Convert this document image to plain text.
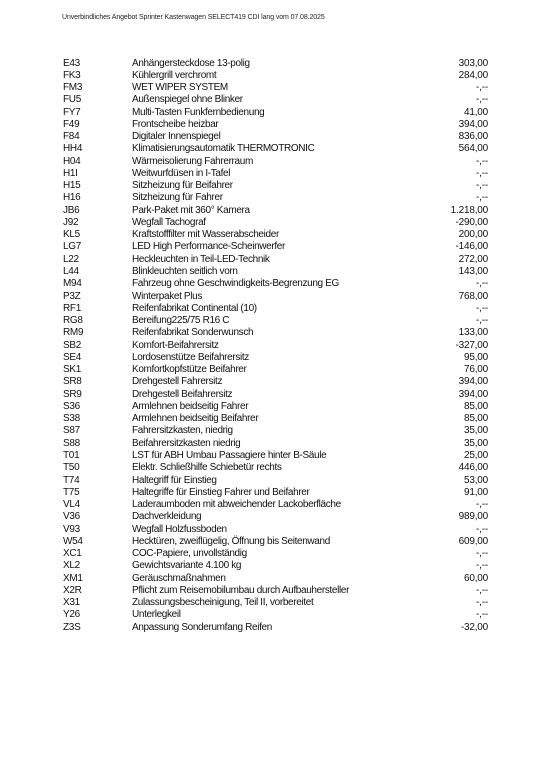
Unverbindliches Angebot Sprinter Kastenwagen SELECT419 CDI lang vom 07.08.2025
E43	Anhängersteckdose 13-polig	303,00
FK3	Kühlergrill verchromt	284,00
FM3	WET WIPER SYSTEM	-,--
FU5	Außenspiegel ohne Blinker	-,--
FY7	Multi-Tasten Funkfernbedienung	41,00
F49	Frontscheibe heizbar	394,00
F84	Digitaler Innenspiegel	836,00
HH4	Klimatisierungsautomatik THERMOTRONIC	564,00
H04	Wärmeisolierung Fahrerraum	-,--
H1I	Weitwurfdüsen in I-Tafel	-,--
H15	Sitzheizung für Beifahrer	-,--
H16	Sitzheizung für Fahrer	-,--
JB6	Park-Paket mit 360° Kamera	1.218,00
J92	Wegfall Tachograf	-290,00
KL5	Kraftstofffilter mit Wasserabscheider	200,00
LG7	LED High Performance-Scheinwerfer	-146,00
L22	Heckleuchten in Teil-LED-Technik	272,00
L44	Blinkleuchten seitlich vorn	143,00
M94	Fahrzeug ohne Geschwindigkeits-Begrenzung EG	-,--
P3Z	Winterpaket Plus	768,00
RF1	Reifenfabrikat Continental (10)	-,--
RG8	Bereifung225/75 R16 C	-,--
RM9	Reifenfabrikat Sonderwunsch	133,00
SB2	Komfort-Beifahrersitz	-327,00
SE4	Lordosenstütze Beifahrersitz	95,00
SK1	Komfortkopfstütze Beifahrer	76,00
SR8	Drehgestell Fahrersitz	394,00
SR9	Drehgestell Beifahrersitz	394,00
S36	Armlehnen beidseitig Fahrer	85,00
S38	Armlehnen beidseitig Beifahrer	85,00
S87	Fahrersitzkasten, niedrig	35,00
S88	Beifahrersitzkasten niedrig	35,00
T01	LST für ABH Umbau Passagiere hinter B-Säule	25,00
T50	Elektr. Schließhilfe Schiebetür rechts	446,00
T74	Haltegriff für Einstieg	53,00
T75	Haltegriffe für Einstieg Fahrer und Beifahrer	91,00
VL4	Laderaumboden mit abweichender Lackoberfläche	-,--
V36	Dachverkleidung	989,00
V93	Wegfall Holzfussboden	-,--
W54	Hecktüren, zweiflügelig, Öffnung bis Seitenwand	609,00
XC1	COC-Papiere, unvollständig	-,--
XL2	Gewichtsvariante 4.100 kg	-,--
XM1	Geräuschmaßnahmen	60,00
X2R	Pflicht zum Reisemobilumbau durch Aufbauhersteller	-,--
X31	Zulassungsbescheinigung, Teil II, vorbereitet	-,--
Y26	Unterlegkeil	-,--
Z3S	Anpassung Sonderumfang Reifen	-32,00
